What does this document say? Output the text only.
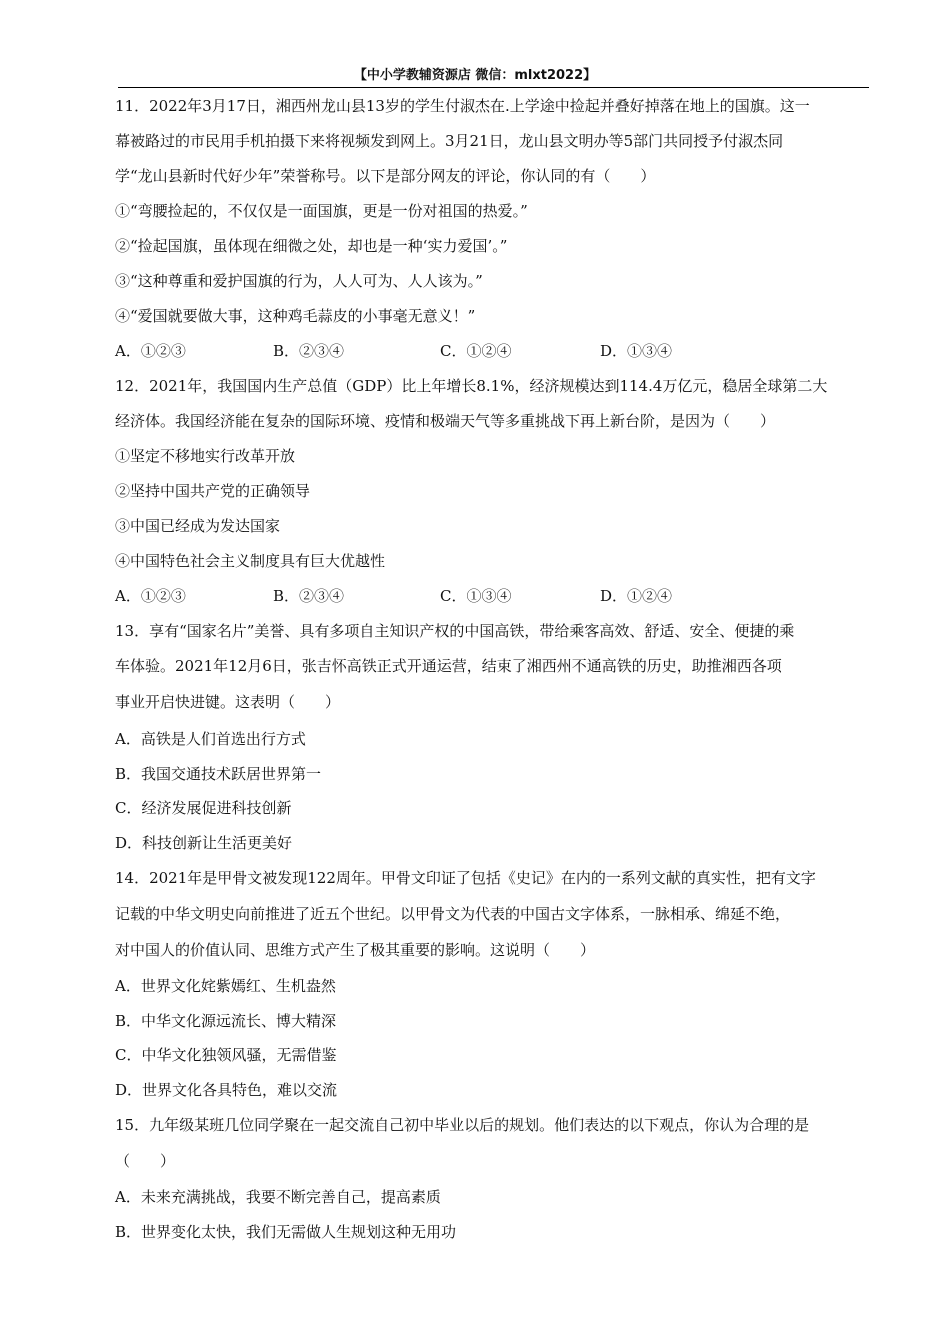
【中小学教辅资源店 微信：mlxt2022】
11．2022年3月17日，湘西州龙山县13岁的学生付淑杰在.上学途中捡起并叠好掉落在地上的国旗。这一
幕被路过的市民用手机拍摄下来将视频发到网上。3月21日，龙山县文明办等5部门共同授予付淑杰同
学“龙山县新时代好少年”荣誉称号。以下是部分网友的评论，你认同的有（　　）
①“弯腰捡起的，不仅仅是一面国旗，更是一份对祖国的热爱。”
②“捡起国旗，虽体现在细微之处，却也是一种‘实力爱国’。”
③“这种尊重和爱护国旗的行为，人人可为、人人该为。”
④“爱国就要做大事，这种鸡毛蒜皮的小事毫无意义！”
A．①②③	B．②③④	C．①②④	D．①③④
12．2021年，我国国内生产总值（GDP）比上年增长8.1%，经济规模达到114.4万亿元，稳居全球第二大
经济体。我国经济能在复杂的国际环境、疫情和极端天气等多重挑战下再上新台阶，是因为（　　）
①坚定不移地实行改革开放
②坚持中国共产党的正确领导
③中国已经成为发达国家
④中国特色社会主义制度具有巨大优越性
A．①②③	B．②③④	C．①③④	D．①②④
13．享有“国家名片”美誉、具有多项自主知识产权的中国高铁，带给乘客高效、舒适、安全、便捷的乘
车体验。2021年12月6日，张吉怀高铁正式开通运营，结束了湘西州不通高铁的历史，助推湘西各项
事业开启快进键。这表明（　　）
A．高铁是人们首选出行方式
B．我国交通技术跃居世界第一
C．经济发展促进科技创新
D．科技创新让生活更美好
14．2021年是甲骨文被发现122周年。甲骨文印证了包括《史记》在内的一系列文献的真实性，把有文字
记载的中华文明史向前推进了近五个世纪。以甲骨文为代表的中国古文字体系，一脉相承、绵延不绝，
对中国人的价值认同、思维方式产生了极其重要的影响。这说明（　　）
A．世界文化姹紫嫣红、生机盎然
B．中华文化源远流长、博大精深
C．中华文化独领风骚，无需借鉴
D．世界文化各具特色，难以交流
15．九年级某班几位同学聚在一起交流自己初中毕业以后的规划。他们表达的以下观点，你认为合理的是
（　　）
A．未来充满挑战，我要不断完善自己，提高素质
B．世界变化太快，我们无需做人生规划这种无用功
